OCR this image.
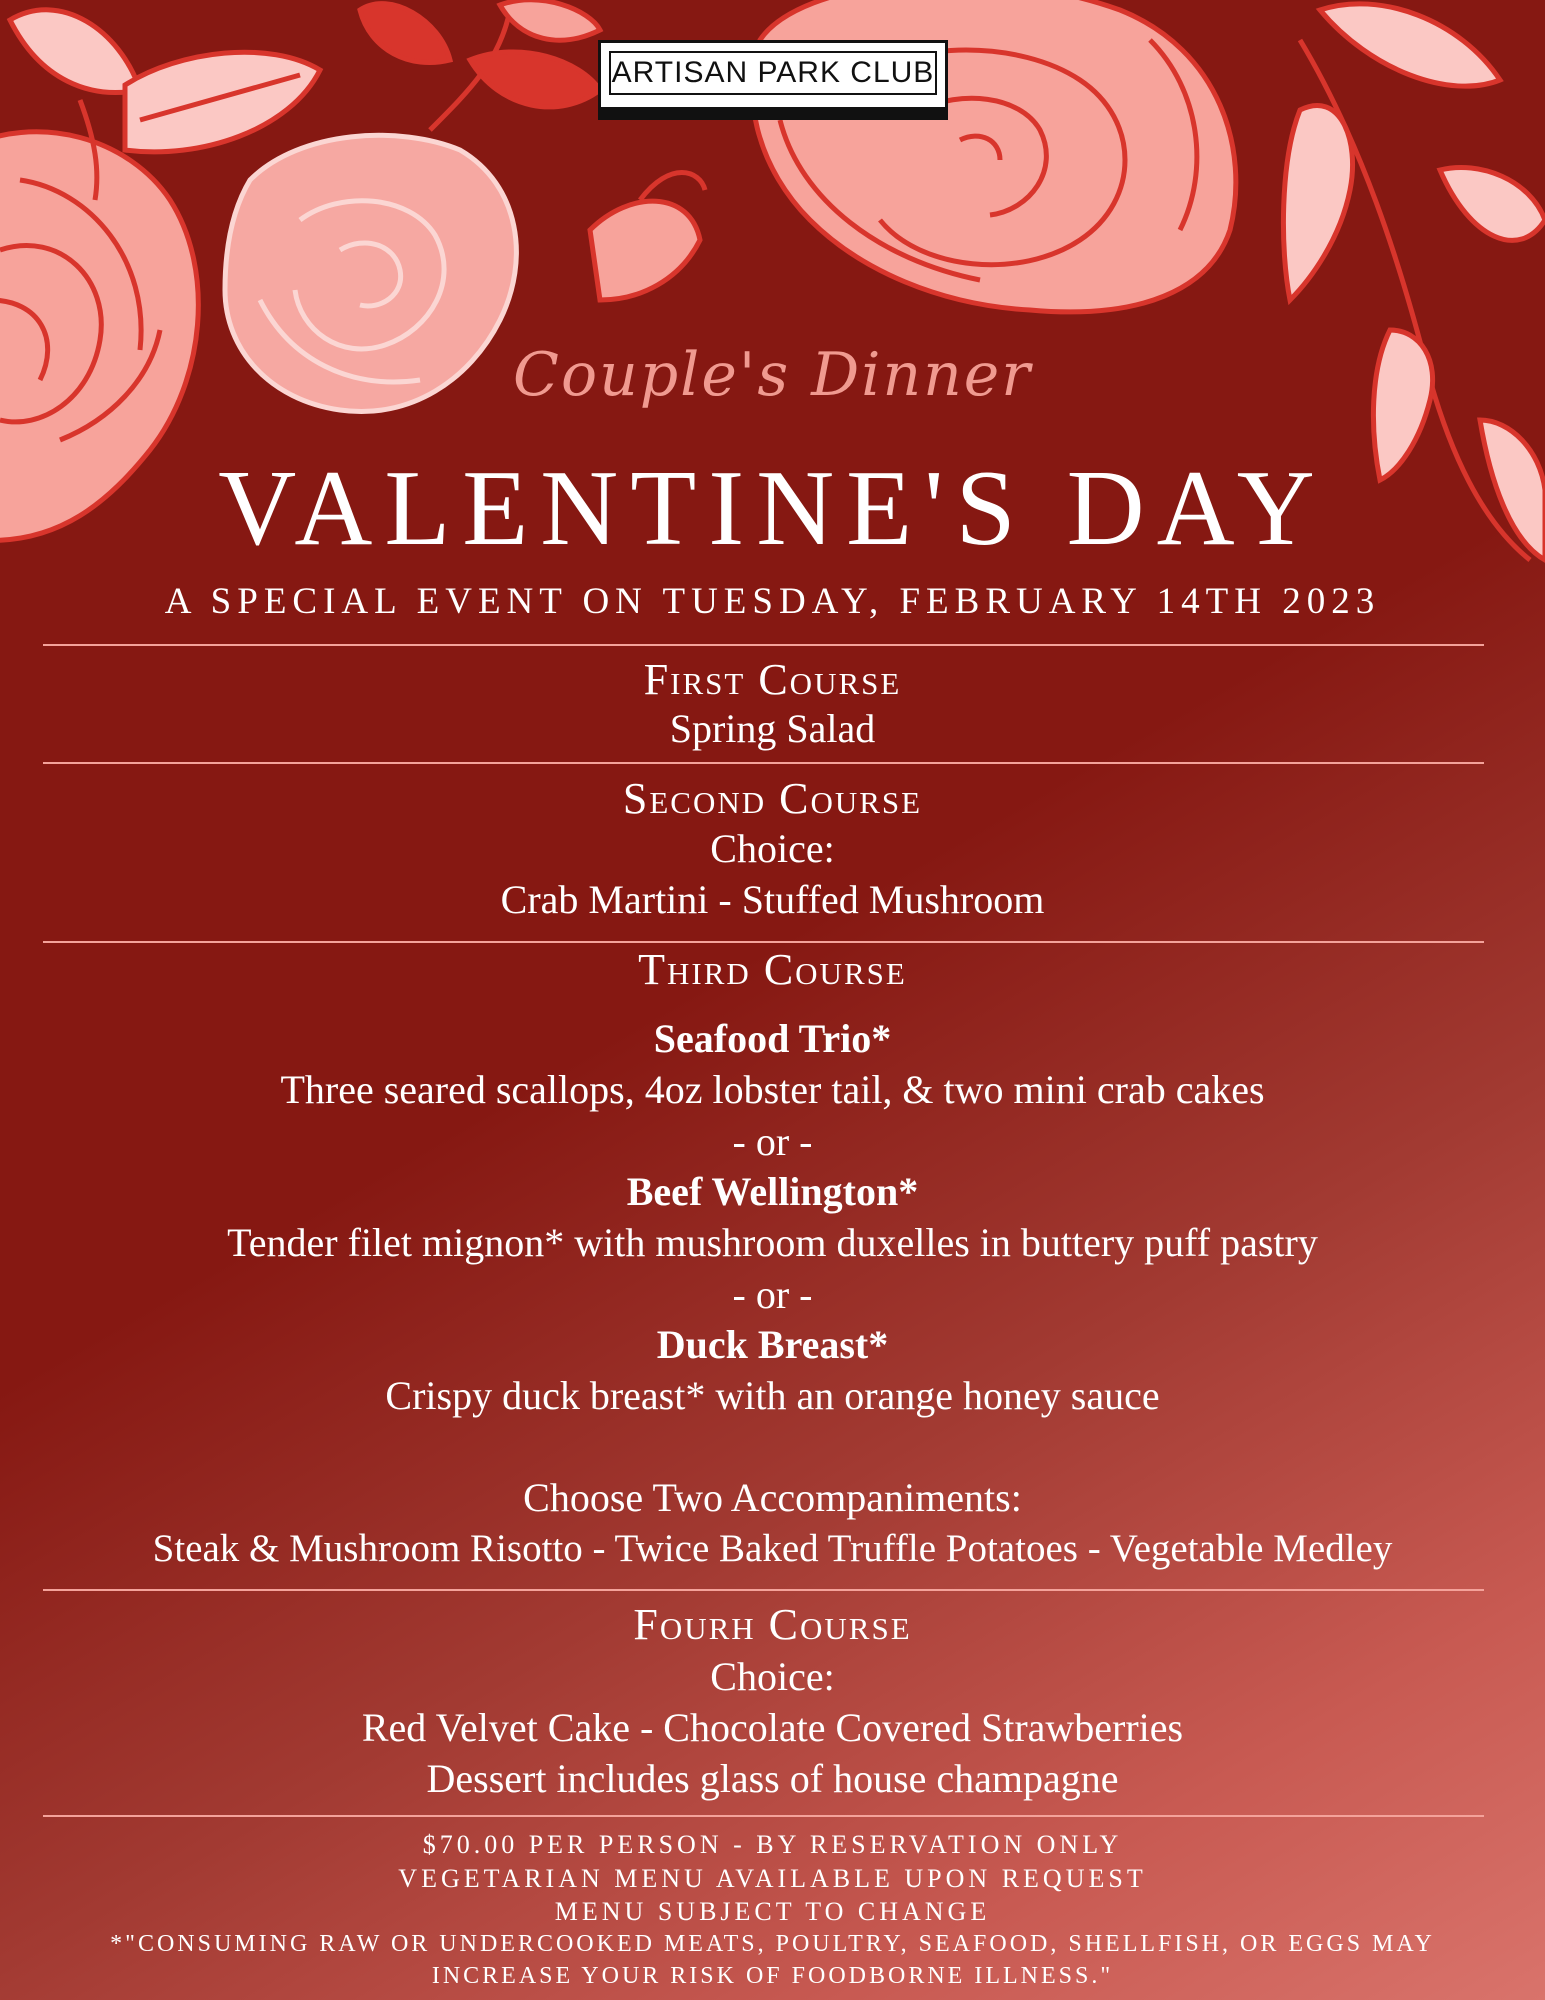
ARTISAN PARK CLUB
Couple's Dinner
VALENTINE'S DAY
A SPECIAL EVENT ON TUESDAY, FEBRUARY 14TH 2023
First Course
Spring Salad
Second Course
Choice:
Crab Martini - Stuffed Mushroom
Third Course
Seafood Trio*
Three seared scallops, 4oz lobster tail, & two mini crab cakes
- or -
Beef Wellington*
Tender filet mignon* with mushroom duxelles in buttery puff pastry
- or -
Duck Breast*
Crispy duck breast* with an orange honey sauce
Choose Two Accompaniments:
Steak & Mushroom Risotto - Twice Baked Truffle Potatoes - Vegetable Medley
Fourh Course
Choice:
Red Velvet Cake - Chocolate Covered Strawberries
Dessert includes glass of house champagne
$70.00 PER PERSON - BY RESERVATION ONLY
VEGETARIAN MENU AVAILABLE UPON REQUEST
MENU SUBJECT TO CHANGE
*"CONSUMING RAW OR UNDERCOOKED MEATS, POULTRY, SEAFOOD, SHELLFISH, OR EGGS MAY
INCREASE YOUR RISK OF FOODBORNE ILLNESS."
